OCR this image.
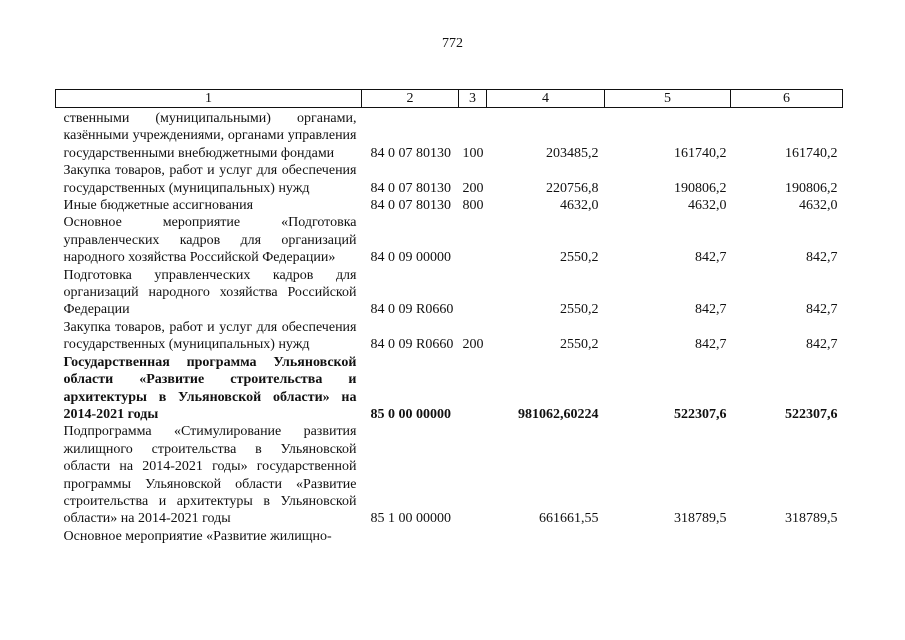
772
1	2	3	4	5	6
ственными (муниципальными) органами, казёнными учреждениями, органами управления государственными внебюджетными фондами	84 0 07 80130	100	203485,2	161740,2	161740,2
Закупка товаров, работ и услуг для обеспечения государственных (муниципальных) нужд	84 0 07 80130	200	220756,8	190806,2	190806,2
Иные бюджетные ассигнования	84 0 07 80130	800	4632,0	4632,0	4632,0
Основное мероприятие «Подготовка управленческих кадров для организаций народного хозяйства Российской Федерации»	84 0 09 00000		2550,2	842,7	842,7
Подготовка управленческих кадров для организаций народного хозяйства Российской Федерации	84 0 09 R0660		2550,2	842,7	842,7
Закупка товаров, работ и услуг для обеспечения государственных (муниципальных) нужд	84 0 09 R0660	200	2550,2	842,7	842,7
Государственная программа Ульяновской области «Развитие строительства и архитектуры в Ульяновской области» на 2014-2021 годы	85 0 00 00000		981062,60224	522307,6	522307,6
Подпрограмма «Стимулирование развития жилищного строительства в Ульяновской области на 2014-2021 годы» государственной программы Ульяновской области «Развитие строительства и архитектуры в Ульяновской области» на 2014-2021 годы	85 1 00 00000		661661,55	318789,5	318789,5
Основное мероприятие «Развитие жилищно-					
